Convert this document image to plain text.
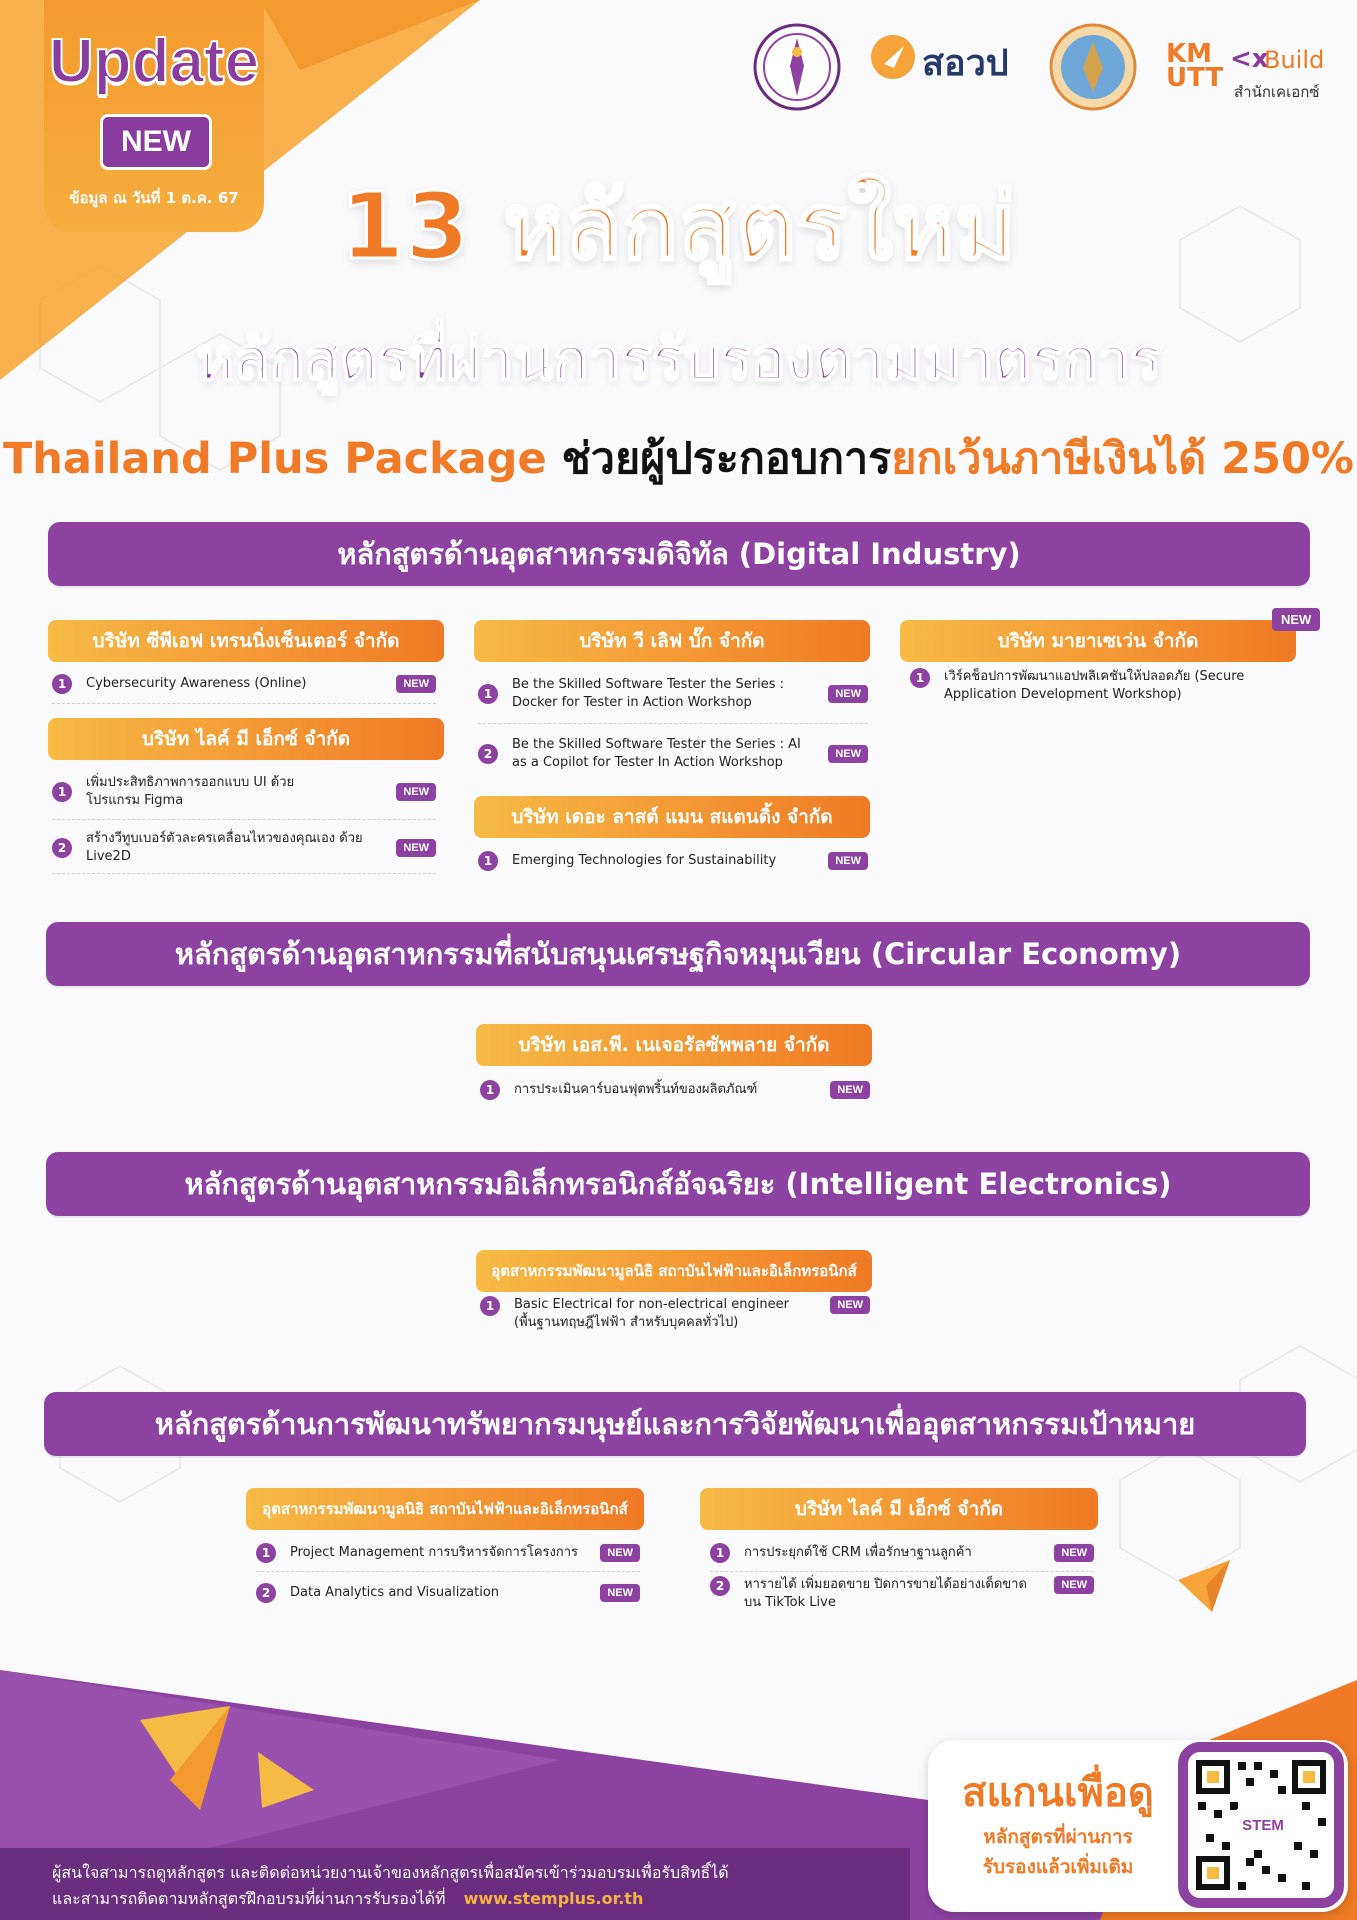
Update
NEW
ข้อมูล ณ วันที่ 1 ต.ค. 67
สอวป	KMUTT
<x
Build
สำนักเคเอกซ์
13 หลักสูตรใหม่
หลักสูตรที่ผ่านการรับรองตามมาตรการ
Thailand Plus Package ช่วยผู้ประกอบการยกเว้นภาษีเงินได้ 250%
หลักสูตรด้านอุตสาหกรรมดิจิทัล (Digital Industry)
บริษัท ซีพีเอฟ เทรนนิ่งเซ็นเตอร์ จำกัด
1	Cybersecurity Awareness (Online)	NEW
บริษัท ไลค์ มี เอ็กซ์ จำกัด
1
เพิ่มประสิทธิภาพการออกแบบ UI ด้วยโปรแกรม Figma
NEW
2
สร้างวีทูบเบอร์ตัวละครเคลื่อนไหวของคุณเอง ด้วย Live2D
NEW
บริษัท วี เลิฟ บั๊ก จำกัด
1
Be the Skilled Software Tester the Series : Docker for Tester in Action Workshop
NEW
2
Be the Skilled Software Tester the Series : AI as a Copilot for Tester In Action Workshop
NEW
บริษัท เดอะ ลาสต์ แมน สแตนดิ้ง จำกัด
1	Emerging Technologies for Sustainability	NEW
บริษัท มายาเซเว่น จำกัด
NEW
1	เวิร์คช็อปการพัฒนาแอปพลิเคชันให้ปลอดภัย (Secure Application Development Workshop)
หลักสูตรด้านอุตสาหกรรมที่สนับสนุนเศรษฐกิจหมุนเวียน (Circular Economy)
บริษัท เอส.พี. เนเจอรัลซัพพลาย จำกัด
1	การประเมินคาร์บอนฟุตพริ้นท์ของผลิตภัณฑ์	NEW
หลักสูตรด้านอุตสาหกรรมอิเล็กทรอนิกส์อัจฉริยะ (Intelligent Electronics)
อุตสาหกรรมพัฒนามูลนิธิ สถาบันไฟฟ้าและอิเล็กทรอนิกส์
1	Basic Electrical for non-electrical engineer (พื้นฐานทฤษฎีไฟฟ้า สำหรับบุคคลทั่วไป)
NEW
หลักสูตรด้านการพัฒนาทรัพยากรมนุษย์และการวิจัยพัฒนาเพื่ออุตสาหกรรมเป้าหมาย
อุตสาหกรรมพัฒนามูลนิธิ สถาบันไฟฟ้าและอิเล็กทรอนิกส์
1	Project Management การบริหารจัดการโครงการ	NEW
2	Data Analytics and Visualization	NEW
บริษัท ไลค์ มี เอ็กซ์ จำกัด
1	การประยุกต์ใช้ CRM เพื่อรักษาฐานลูกค้า	NEW
2	หารายได้ เพิ่มยอดขาย ปิดการขายได้อย่างเด็ดขาด บน TikTok Live
NEW
ผู้สนใจสามารถดูหลักสูตร และติดต่อหน่วยงานเจ้าของหลักสูตรเพื่อสมัครเข้าร่วมอบรมเพื่อรับสิทธิ์ได้
และสามารถติดตามหลักสูตรฝึกอบรมที่ผ่านการรับรองได้ที่ www.stemplus.or.th
สแกนเพื่อดู
หลักสูตรที่ผ่านการ
รับรองแล้วเพิ่มเติม
STEM
